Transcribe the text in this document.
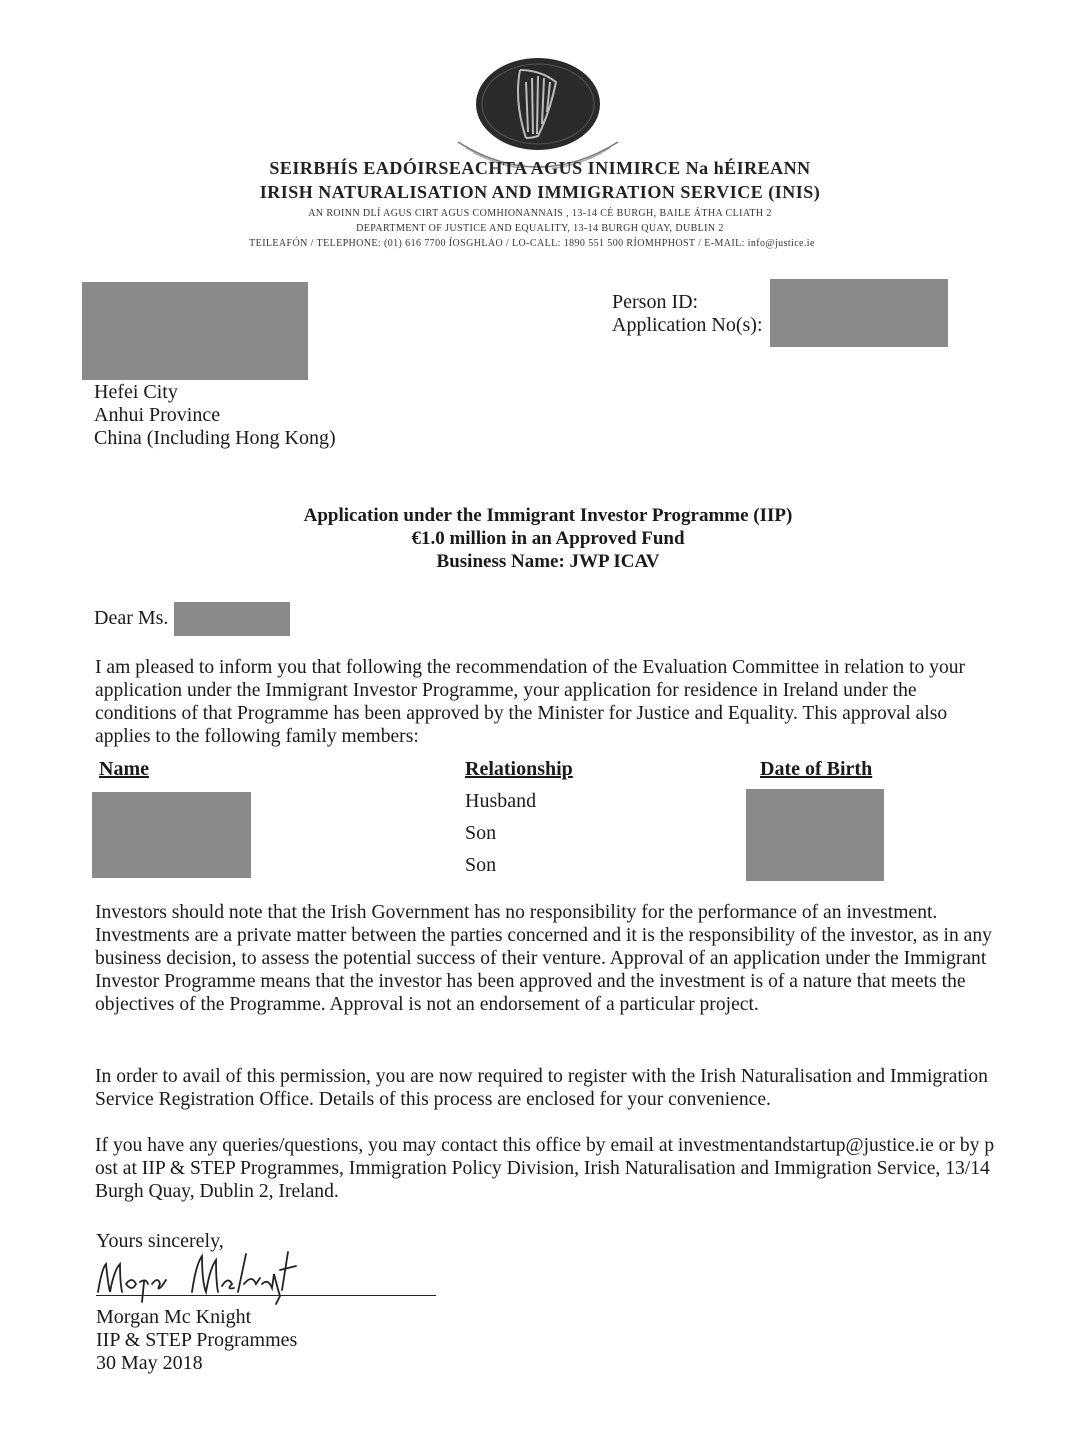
SEIRBHÍS EADÓIRSEACHTA AGUS INIMIRCE Na hÉIREANN
IRISH NATURALISATION AND IMMIGRATION SERVICE (INIS)
AN ROINN DLÍ AGUS CIRT AGUS COMHIONANNAIS , 13-14 CÉ BURGH, BAILE ÁTHA CLIATH 2
DEPARTMENT OF JUSTICE AND EQUALITY, 13-14 BURGH QUAY, DUBLIN 2
TEILEAFÓN / TELEPHONE: (01) 616 7700 ÍOSGHLAO / LO-CALL: 1890 551 500 RÍOMHPHOST / E-MAIL: info@justice.ie
Person ID:
Application No(s):
Hefei City
Anhui Province
China (Including Hong Kong)
Application under the Immigrant Investor Programme (IIP)
€1.0 million in an Approved Fund
Business Name: JWP ICAV
Dear Ms.
I am pleased to inform you that following the recommendation of the Evaluation Committee in relation to your application under the Immigrant Investor Programme, your application for residence in Ireland under the conditions of that Programme has been approved by the Minister for Justice and Equality. This approval also applies to the following family members:
Name	Relationship	Date of Birth
Husband
Son
Son
Investors should note that the Irish Government has no responsibility for the performance of an investment. Investments are a private matter between the parties concerned and it is the responsibility of the investor, as in any business decision, to assess the potential success of their venture. Approval of an application under the Immigrant Investor Programme means that the investor has been approved and the investment is of a nature that meets the objectives of the Programme. Approval is not an endorsement of a particular project.
In order to avail of this permission, you are now required to register with the Irish Naturalisation and Immigration Service Registration Office. Details of this process are enclosed for your convenience.
If you have any queries/questions, you may contact this office by email at investmentandstartup@justice.ie or by post at IIP & STEP Programmes, Immigration Policy Division, Irish Naturalisation and Immigration Service, 13/14 Burgh Quay, Dublin 2, Ireland.
Yours sincerely,
Morgan Mc Knight
IIP & STEP Programmes
30 May 2018
